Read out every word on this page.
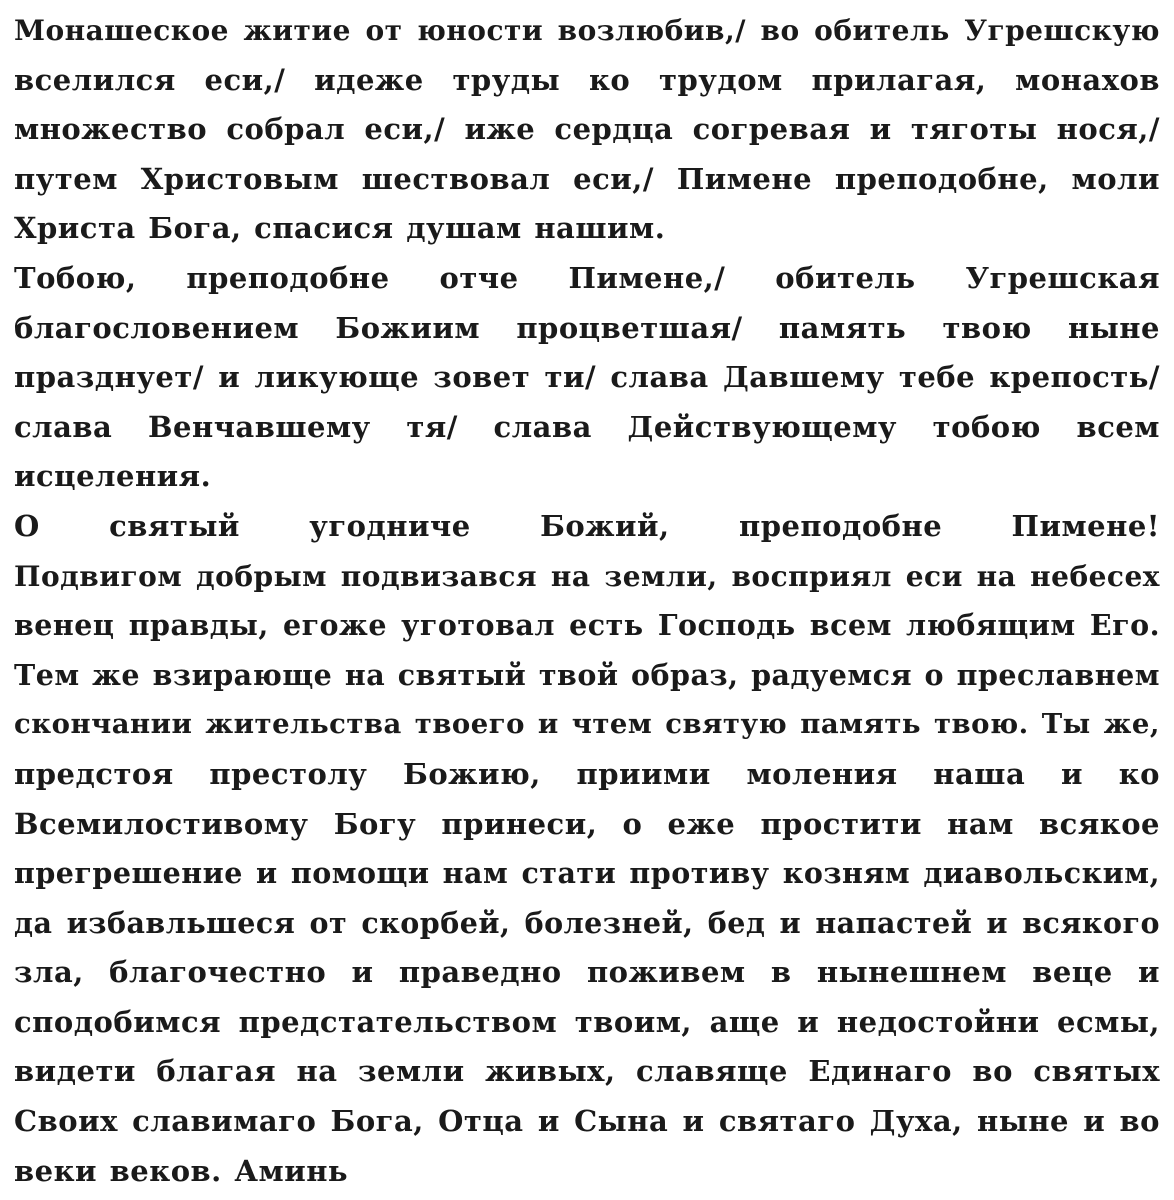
Монашеское житие от юности возлюбив,/ во обитель Угрешскую
вселился еси,/ идеже труды ко трудом прилагая, монахов
множество собрал еси,/ иже сердца согревая и тяготы нося,/
путем Христовым шествовал еси,/ Пимене преподобне, моли
Христа Бога, спасися душам нашим.
Тобою, преподобне отче Пимене,/ обитель Угрешская
благословением Божиим процветшая/ память твою ныне
празднует/ и ликующе зовет ти/ слава Давшему тебе крепость/
слава Венчавшему тя/ слава Действующему тобою всем
исцеления.
О святый угодниче Божий, преподобне Пимене!
Подвигом добрым подвизався на земли, восприял еси на небесех
венец правды, егоже уготовал есть Господь всем любящим Его.
Тем же взирающе на святый твой образ, радуемся о преславнем
скончании жительства твоего и чтем святую память твою. Ты же,
предстоя престолу Божию, приими моления наша и ко
Всемилостивому Богу принеси, о еже простити нам всякое
прегрешение и помощи нам стати противу козням диавольским,
да избавльшеся от скорбей, болезней, бед и напастей и всякого
зла, благочестно и праведно поживем в нынешнем веце и
сподобимся предстательством твоим, аще и недостойни есмы,
видети благая на земли живых, славяще Единаго во святых
Своих славимаго Бога, Отца и Сына и святаго Духа, ныне и во
веки веков. Аминь
